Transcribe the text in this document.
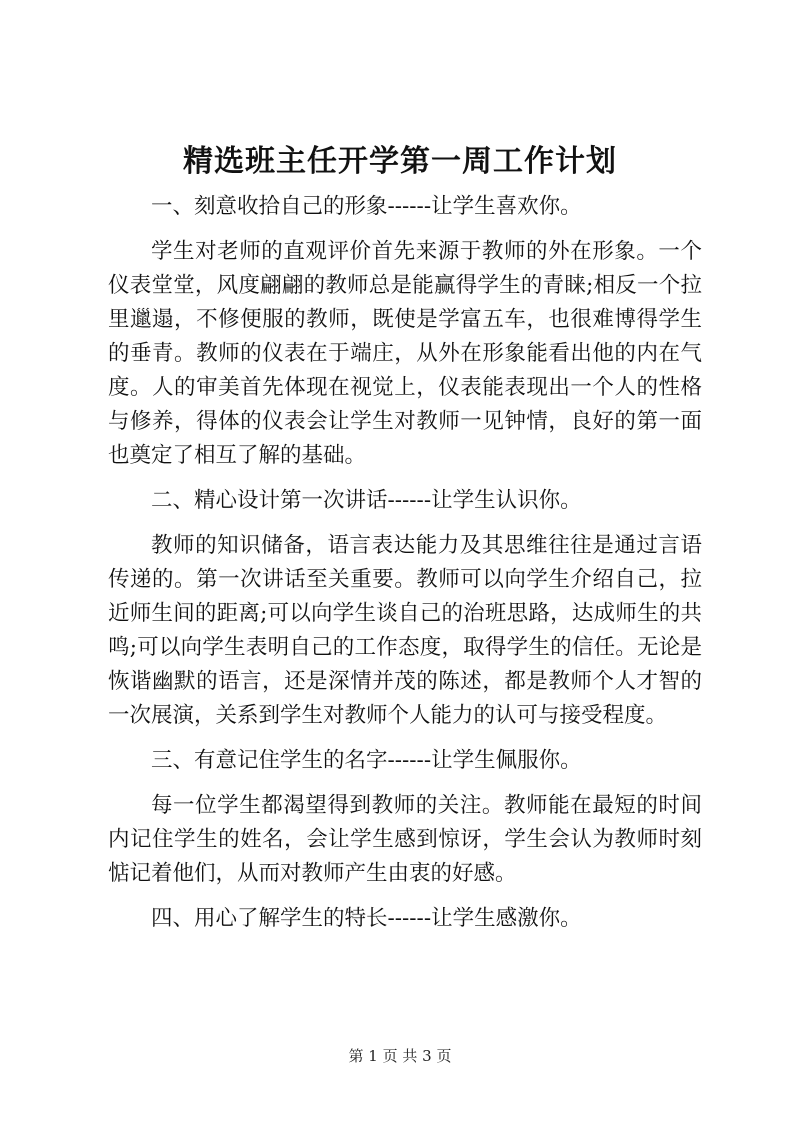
精选班主任开学第一周工作计划

一、刻意收拾自己的形象------让学生喜欢你。

学生对老师的直观评价首先来源于教师的外在形象。一个仪表堂堂，风度翩翩的教师总是能赢得学生的青睐;相反一个拉里邋遢，不修便服的教师，既使是学富五车，也很难博得学生的垂青。教师的仪表在于端庄，从外在形象能看出他的内在气度。人的审美首先体现在视觉上，仪表能表现出一个人的性格与修养，得体的仪表会让学生对教师一见钟情，良好的第一面也奠定了相互了解的基础。

二、精心设计第一次讲话------让学生认识你。

教师的知识储备，语言表达能力及其思维往往是通过言语传递的。第一次讲话至关重要。教师可以向学生介绍自己，拉近师生间的距离;可以向学生谈自己的治班思路，达成师生的共鸣;可以向学生表明自己的工作态度，取得学生的信任。无论是恢谐幽默的语言，还是深情并茂的陈述，都是教师个人才智的一次展演，关系到学生对教师个人能力的认可与接受程度。

三、有意记住学生的名字------让学生佩服你。

每一位学生都渴望得到教师的关注。教师能在最短的时间内记住学生的姓名，会让学生感到惊讶，学生会认为教师时刻惦记着他们，从而对教师产生由衷的好感。

四、用心了解学生的特长------让学生感激你。

第 1 页 共 3 页
